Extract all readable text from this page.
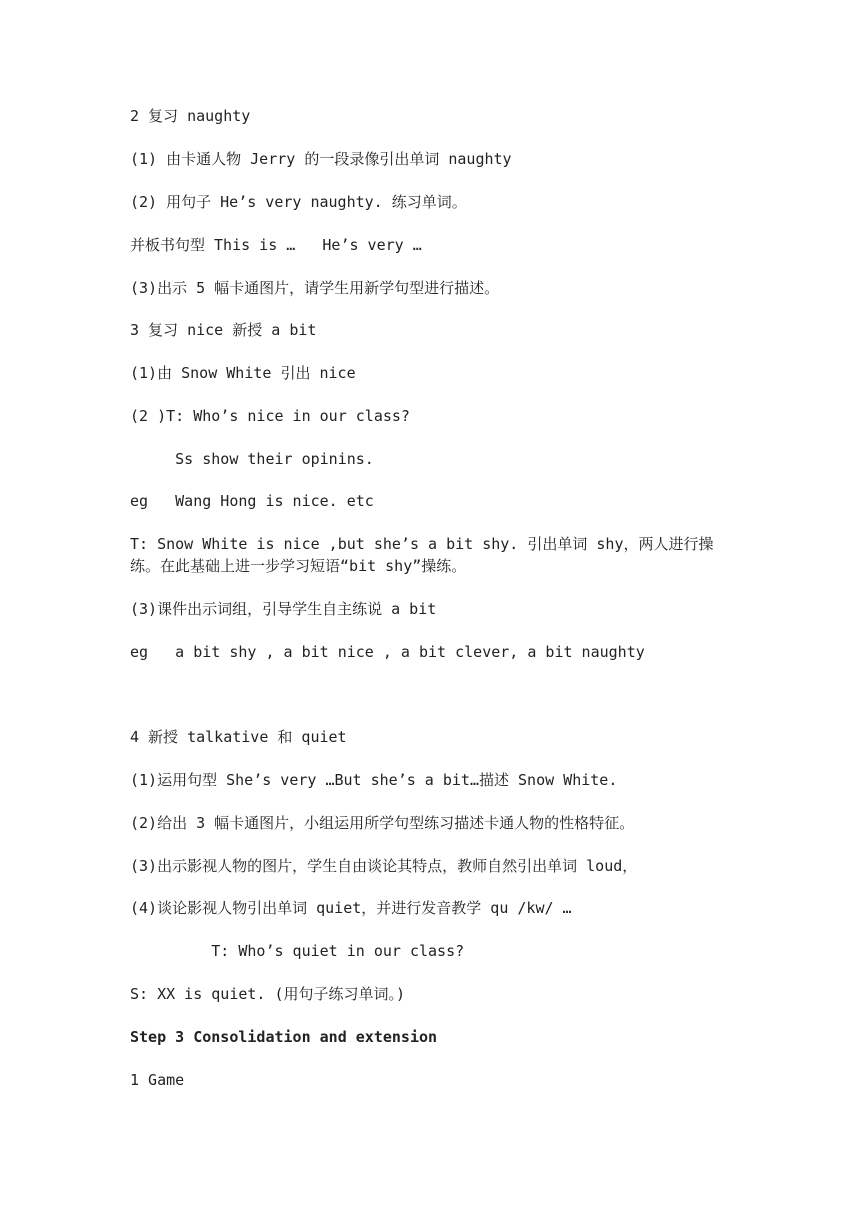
2 复习 naughty
(1) 由卡通人物 Jerry 的一段录像引出单词 naughty
(2) 用句子 He’s very naughty. 练习单词。
并板书句型 This is …   He’s very …
(3)出示 5 幅卡通图片，请学生用新学句型进行描述。
3 复习 nice 新授 a bit
(1)由 Snow White 引出 nice
(2 )T: Who’s nice in our class?
Ss show their opinins.
eg   Wang Hong is nice. etc
T: Snow White is nice ,but she’s a bit shy. 引出单词 shy，两人进行操练。在此基础上进一步学习短语“bit shy”操练。
(3)课件出示词组，引导学生自主练说 a bit
eg   a bit shy , a bit nice , a bit clever, a bit naughty
4 新授 talkative 和 quiet
(1)运用句型 She’s very …But she’s a bit…描述 Snow White.
(2)给出 3 幅卡通图片，小组运用所学句型练习描述卡通人物的性格特征。
(3)出示影视人物的图片，学生自由谈论其特点，教师自然引出单词 loud，
(4)谈论影视人物引出单词 quiet，并进行发音教学 qu /kw/ …
T: Who’s quiet in our class?
S: XX is quiet. (用句子练习单词。)
Step 3 Consolidation and extension
1 Game
